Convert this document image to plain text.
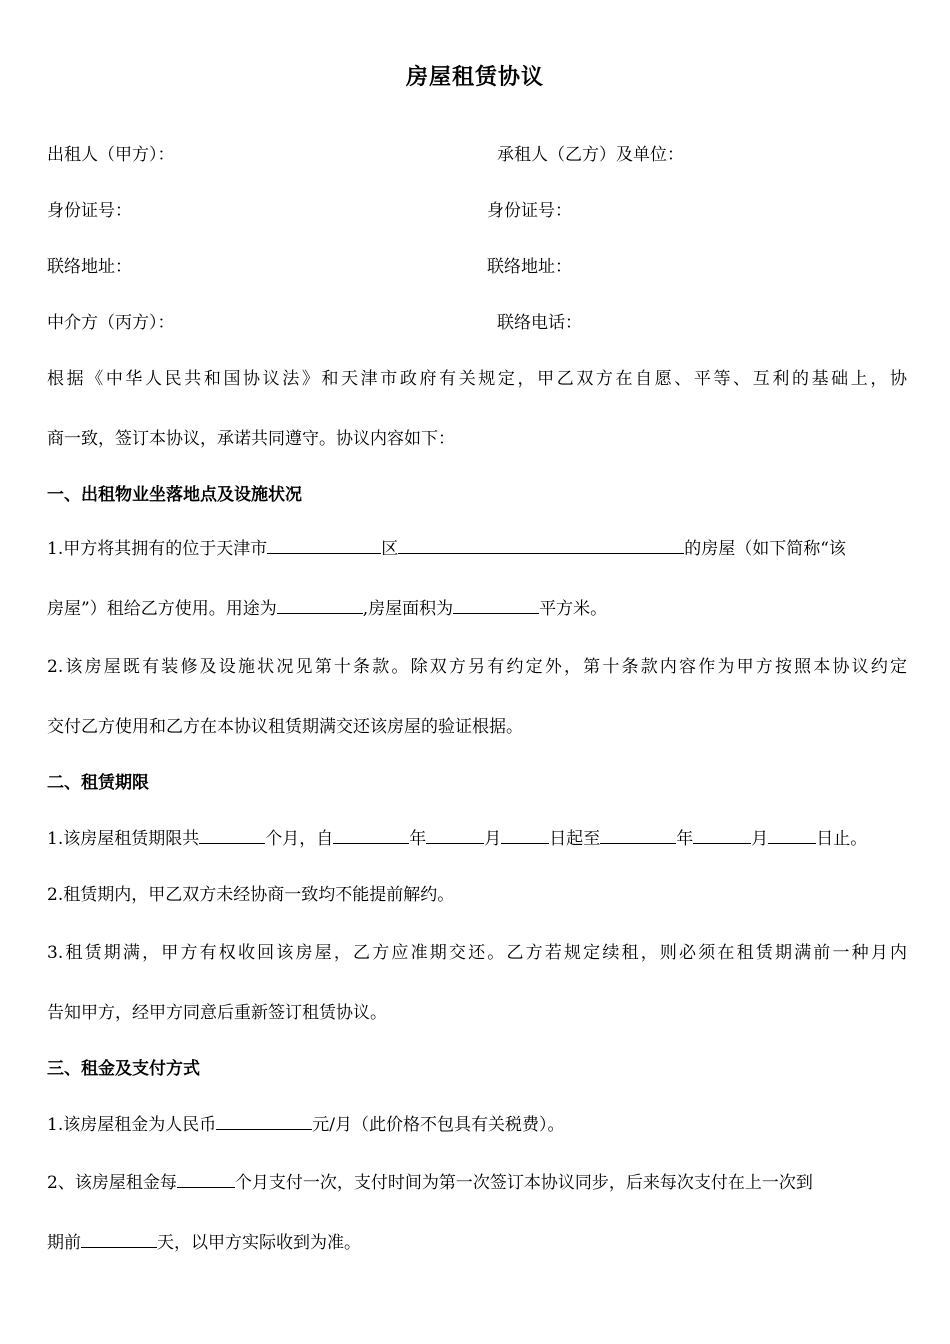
房屋租赁协议
出租人（甲方）：	承租人（乙方）及单位：
身份证号：	身份证号：
联络地址：	联络地址：
中介方（丙方）：	联络电话：
根据《中华人民共和国协议法》和天津市政府有关规定，甲乙双方在自愿、平等、互利的基础上，协
商一致，签订本协议，承诺共同遵守。协议内容如下：
一、出租物业坐落地点及设施状况
1.甲方将其拥有的位于天津市	区	的房屋（如下简称“该
房屋”）租给乙方使用。用途为	,房屋面积为	平方米。
2.该房屋既有装修及设施状况见第十条款。除双方另有约定外，第十条款内容作为甲方按照本协议约定
交付乙方使用和乙方在本协议租赁期满交还该房屋的验证根据。
二、租赁期限
1.该房屋租赁期限共	个月，自	年	月	日起至	年	月	日止。
2.租赁期内，甲乙双方未经协商一致均不能提前解约。
3.租赁期满，甲方有权收回该房屋，乙方应准期交还。乙方若规定续租，则必须在租赁期满前一种月内
告知甲方，经甲方同意后重新签订租赁协议。
三、租金及支付方式
1.该房屋租金为人民币	元/月（此价格不包具有关税费）。
2、该房屋租金每	个月支付一次，支付时间为第一次签订本协议同步，后来每次支付在上一次到
期前	天，以甲方实际收到为准。
